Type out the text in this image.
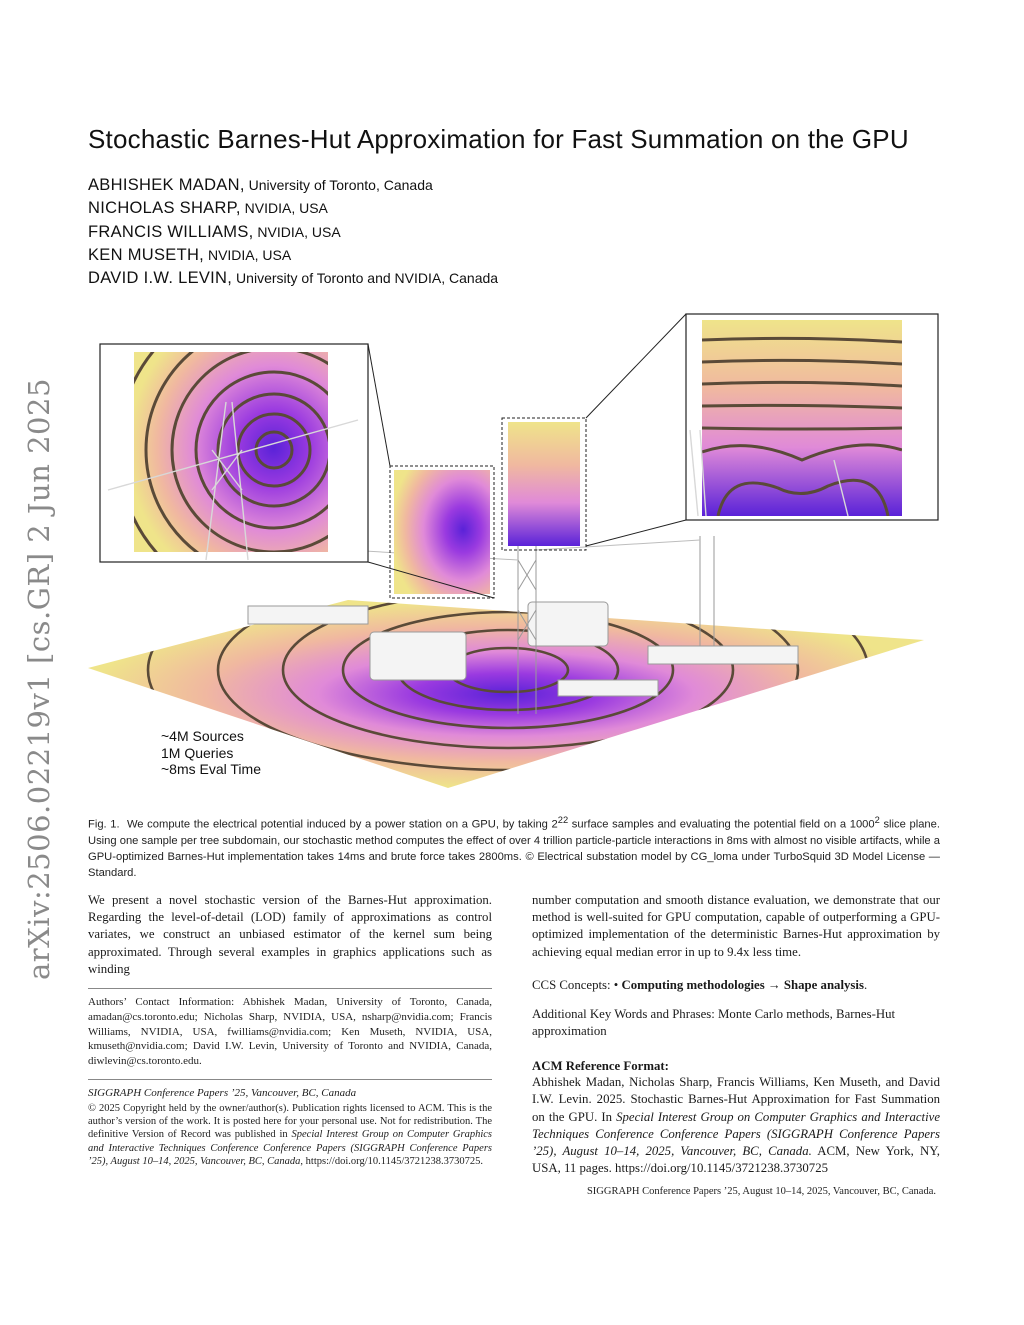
arXiv:2506.02219v1 [cs.GR] 2 Jun 2025
Stochastic Barnes-Hut Approximation for Fast Summation on the GPU
ABHISHEK MADAN, University of Toronto, Canada
NICHOLAS SHARP, NVIDIA, USA
FRANCIS WILLIAMS, NVIDIA, USA
KEN MUSETH, NVIDIA, USA
DAVID I.W. LEVIN, University of Toronto and NVIDIA, Canada
~4M Sources
1M Queries
~8ms Eval Time

Fig. 1. We compute the electrical potential induced by a power station on a GPU, by taking $2^{22}$ surface samples and evaluating the potential field on a 1000$^2$ slice plane. Using one sample per tree subdomain, our stochastic method computes the effect of over 4 trillion particle-particle interactions in 8ms with almost no visible artifacts, while a GPU-optimized Barnes-Hut implementation takes 14ms and brute force takes 2800ms. © Electrical substation model by CG_loma under TurboSquid 3D Model License — Standard.

We present a novel stochastic version of the Barnes-Hut approximation. Regarding the level-of-detail (LOD) family of approximations as control variates, we construct an unbiased estimator of the kernel sum being approximated. Through several examples in graphics applications such as winding

Authors’ Contact Information: Abhishek Madan, University of Toronto, Canada, amadan@cs.toronto.edu; Nicholas Sharp, NVIDIA, USA, nsharp@nvidia.com; Francis Williams, NVIDIA, USA, fwilliams@nvidia.com; Ken Museth, NVIDIA, USA, kmuseth@nvidia.com; David I.W. Levin, University of Toronto and NVIDIA, Canada, diwlevin@cs.toronto.edu.

SIGGRAPH Conference Papers ’25, Vancouver, BC, Canada

© 2025 Copyright held by the owner/author(s). Publication rights licensed to ACM. This is the author’s version of the work. It is posted here for your personal use. Not for redistribution. The definitive Version of Record was published in Special Interest Group on Computer Graphics and Interactive Techniques Conference Conference Papers (SIGGRAPH Conference Papers ’25), August 10–14, 2025, Vancouver, BC, Canada, https://doi.org/10.1145/3721238.3730725.

number computation and smooth distance evaluation, we demonstrate that our method is well-suited for GPU computation, capable of outperforming a GPU-optimized implementation of the deterministic Barnes-Hut approximation by achieving equal median error in up to 9.4x less time.

CCS Concepts: • Computing methodologies → Shape analysis.

Additional Key Words and Phrases: Monte Carlo methods, Barnes-Hut approximation

ACM Reference Format:

Abhishek Madan, Nicholas Sharp, Francis Williams, Ken Museth, and David I.W. Levin. 2025. Stochastic Barnes-Hut Approximation for Fast Summation on the GPU. In Special Interest Group on Computer Graphics and Interactive Techniques Conference Conference Papers (SIGGRAPH Conference Papers ’25), August 10–14, 2025, Vancouver, BC, Canada. ACM, New York, NY, USA, 11 pages. https://doi.org/10.1145/3721238.3730725

SIGGRAPH Conference Papers ’25, August 10–14, 2025, Vancouver, BC, Canada.
